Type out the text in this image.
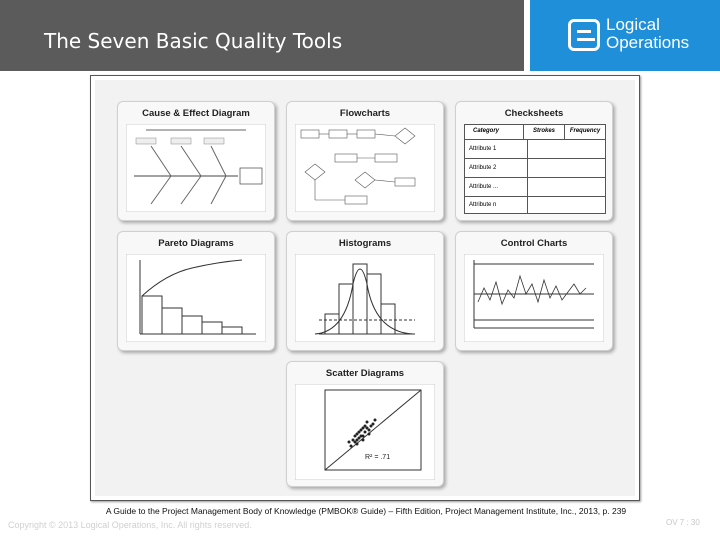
The Seven Basic Quality Tools
Logical
Operations
Cause & Effect Diagram	Flowcharts	Checksheets
Category	Strokes	Frequency
Attribute 1
Attribute 2
Attribute ...
Attribute n
Pareto Diagrams	Histograms	Control Charts
Scatter Diagrams
R² = .71
A Guide to the Project Management Body of Knowledge (PMBOK® Guide) – Fifth Edition, Project Management Institute, Inc., 2013, p. 239
Copyright © 2013 Logical Operations, Inc. All rights reserved.	OV 7 : 30
